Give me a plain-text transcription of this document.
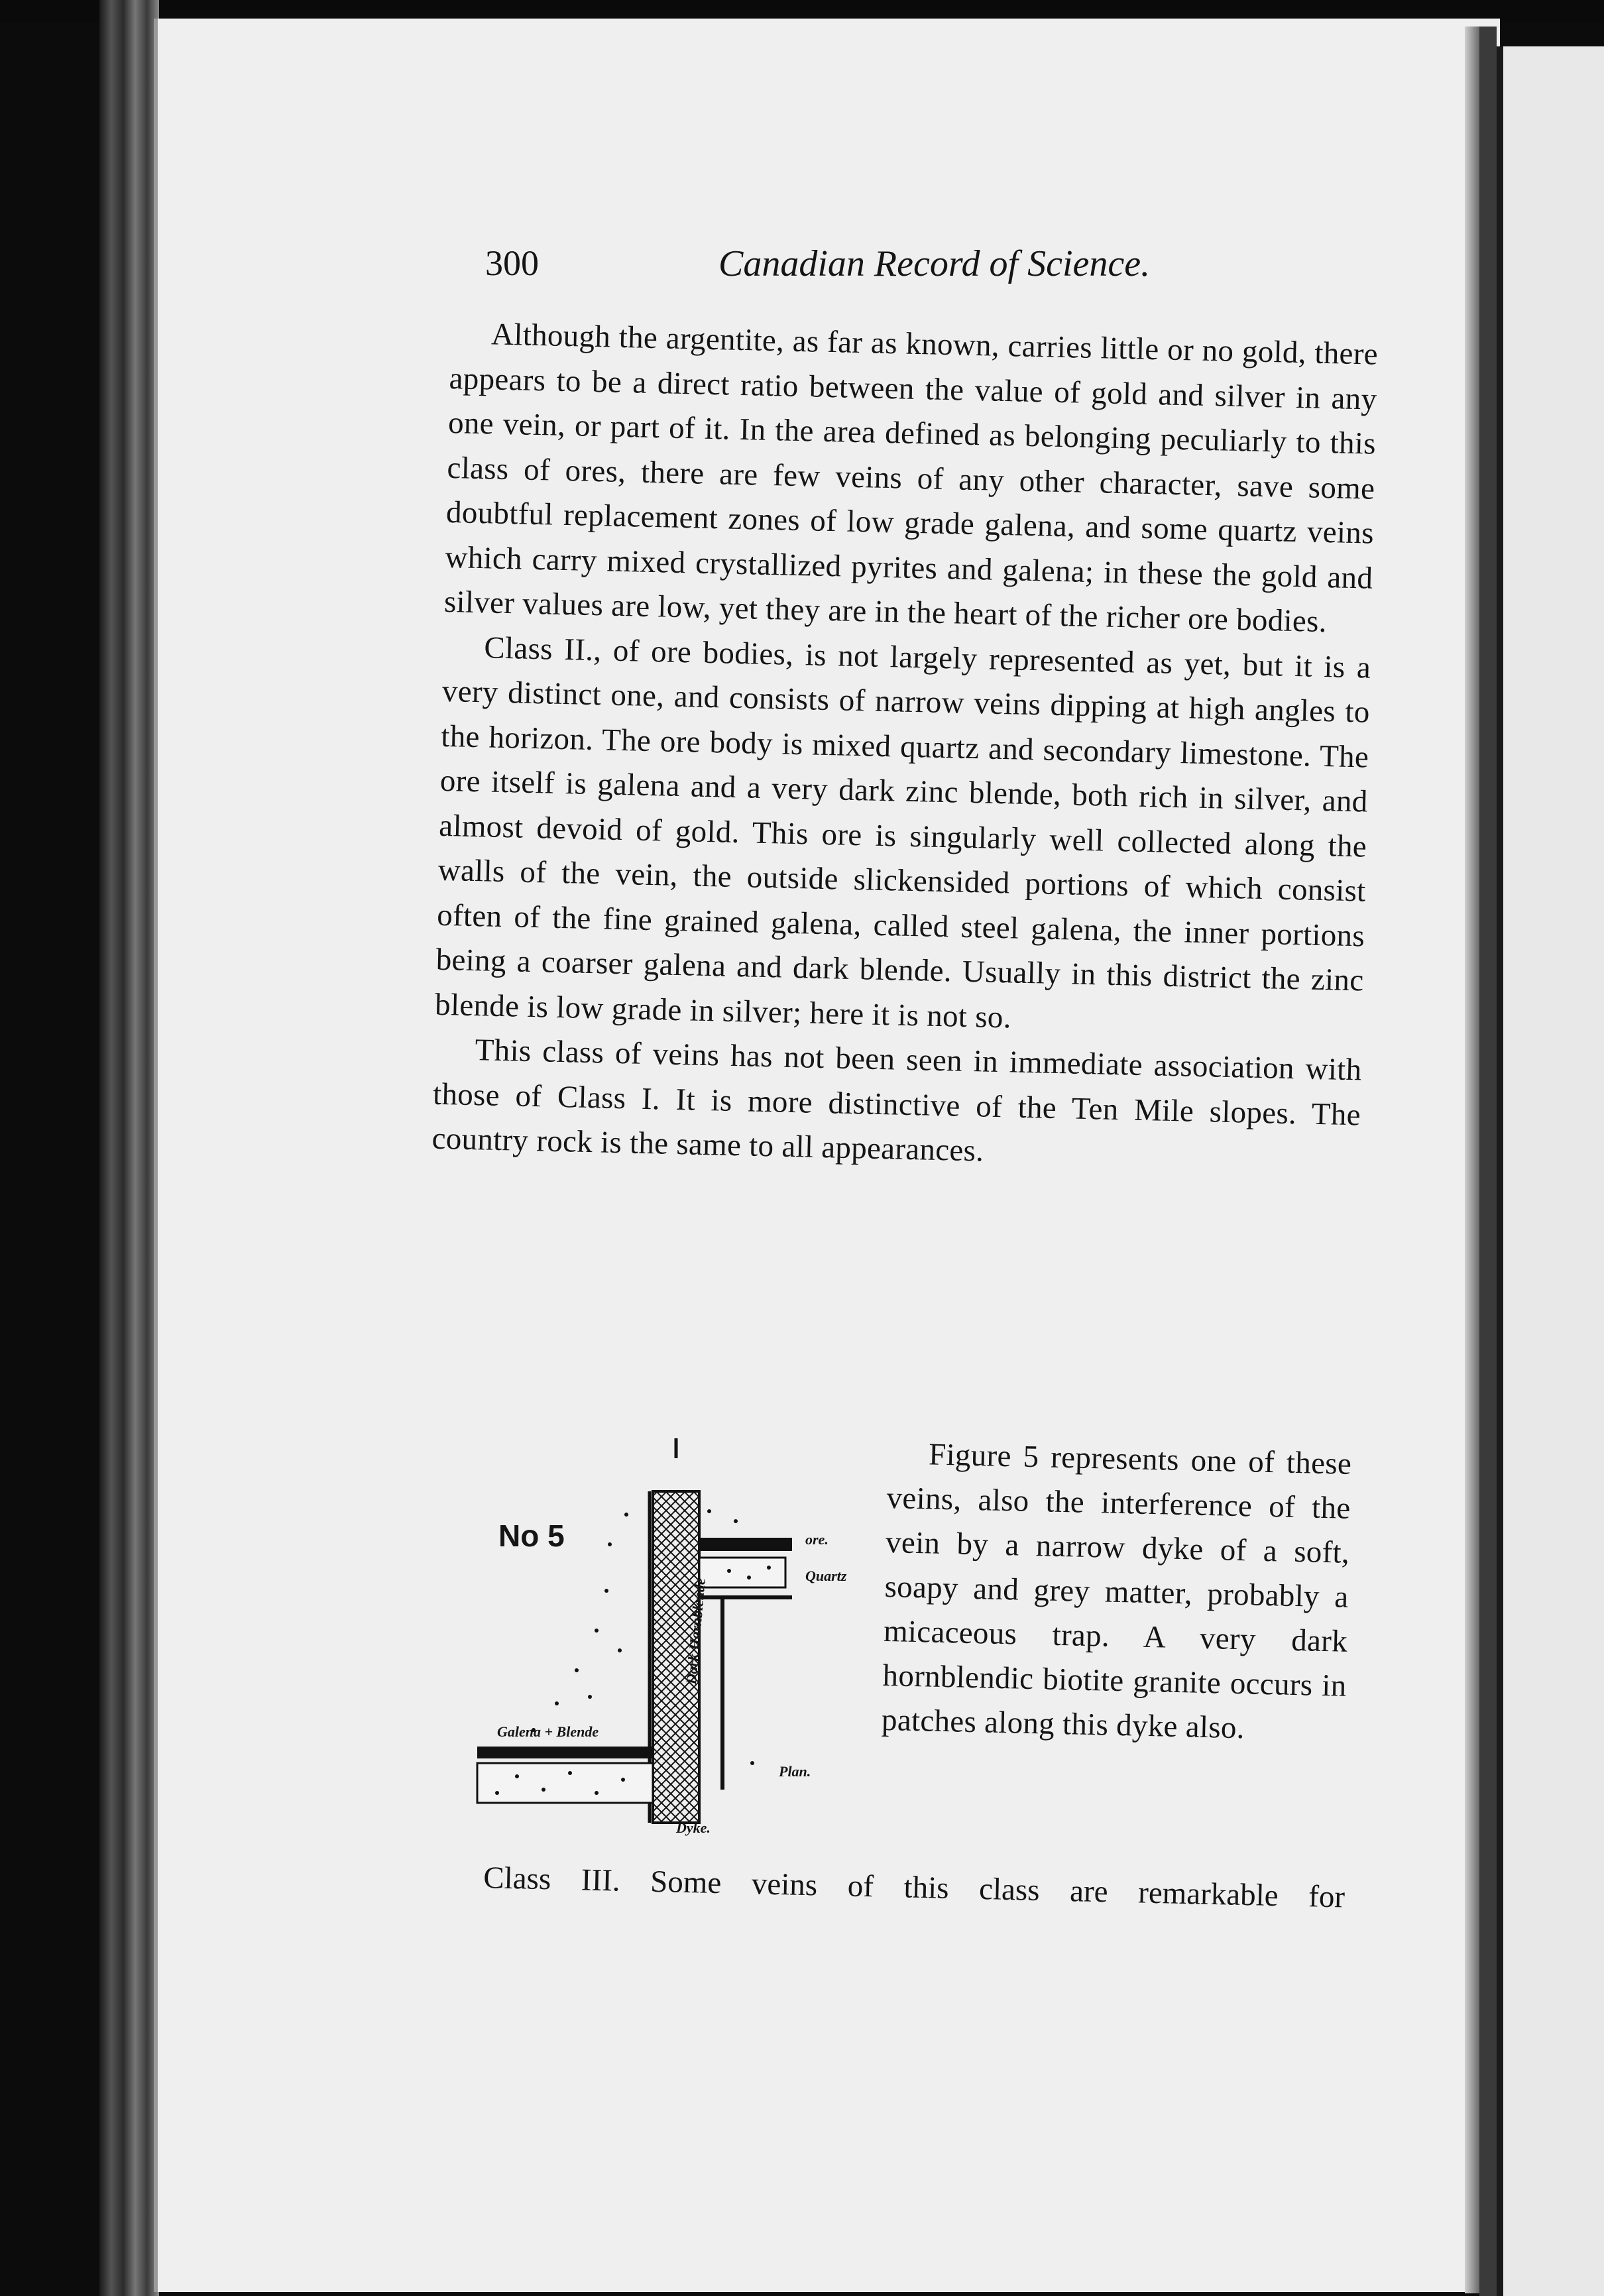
300	Canadian Record of Science.

Although the argentite, as far as known, carries little or no gold, there appears to be a direct ratio between the value of gold and silver in any one vein, or part of it. In the area defined as belonging peculiarly to this class of ores, there are few veins of any other character, save some doubtful replacement zones of low grade galena, and some quartz veins which carry mixed crystallized pyrites and galena; in these the gold and silver values are low, yet they are in the heart of the richer ore bodies.

Class II., of ore bodies, is not largely represented as yet, but it is a very distinct one, and consists of narrow veins dipping at high angles to the horizon. The ore body is mixed quartz and secondary limestone. The ore itself is galena and a very dark zinc blende, both rich in silver, and almost devoid of gold. This ore is singularly well collected along the walls of the vein, the outside slickensided portions of which consist often of the fine grained galena, called steel galena, the inner portions being a coarser galena and dark blende. Usually in this district the zinc blende is low grade in silver; here it is not so.

This class of veins has not been seen in immediate association with those of Class I. It is more distinctive of the Ten Mile slopes. The country rock is the same to all appearances.

No 5	ore.
Quartz
Dark Hornblende
Galena + Blende
Plan.
Dyke.

Figure 5 represents one of these veins, also the interference of the vein by a narrow dyke of a soft, soapy and grey matter, probably a micaceous trap. A very dark hornblendic biotite granite occurs in patches along this dyke also.

Class III. Some veins of this class are remarkable for
